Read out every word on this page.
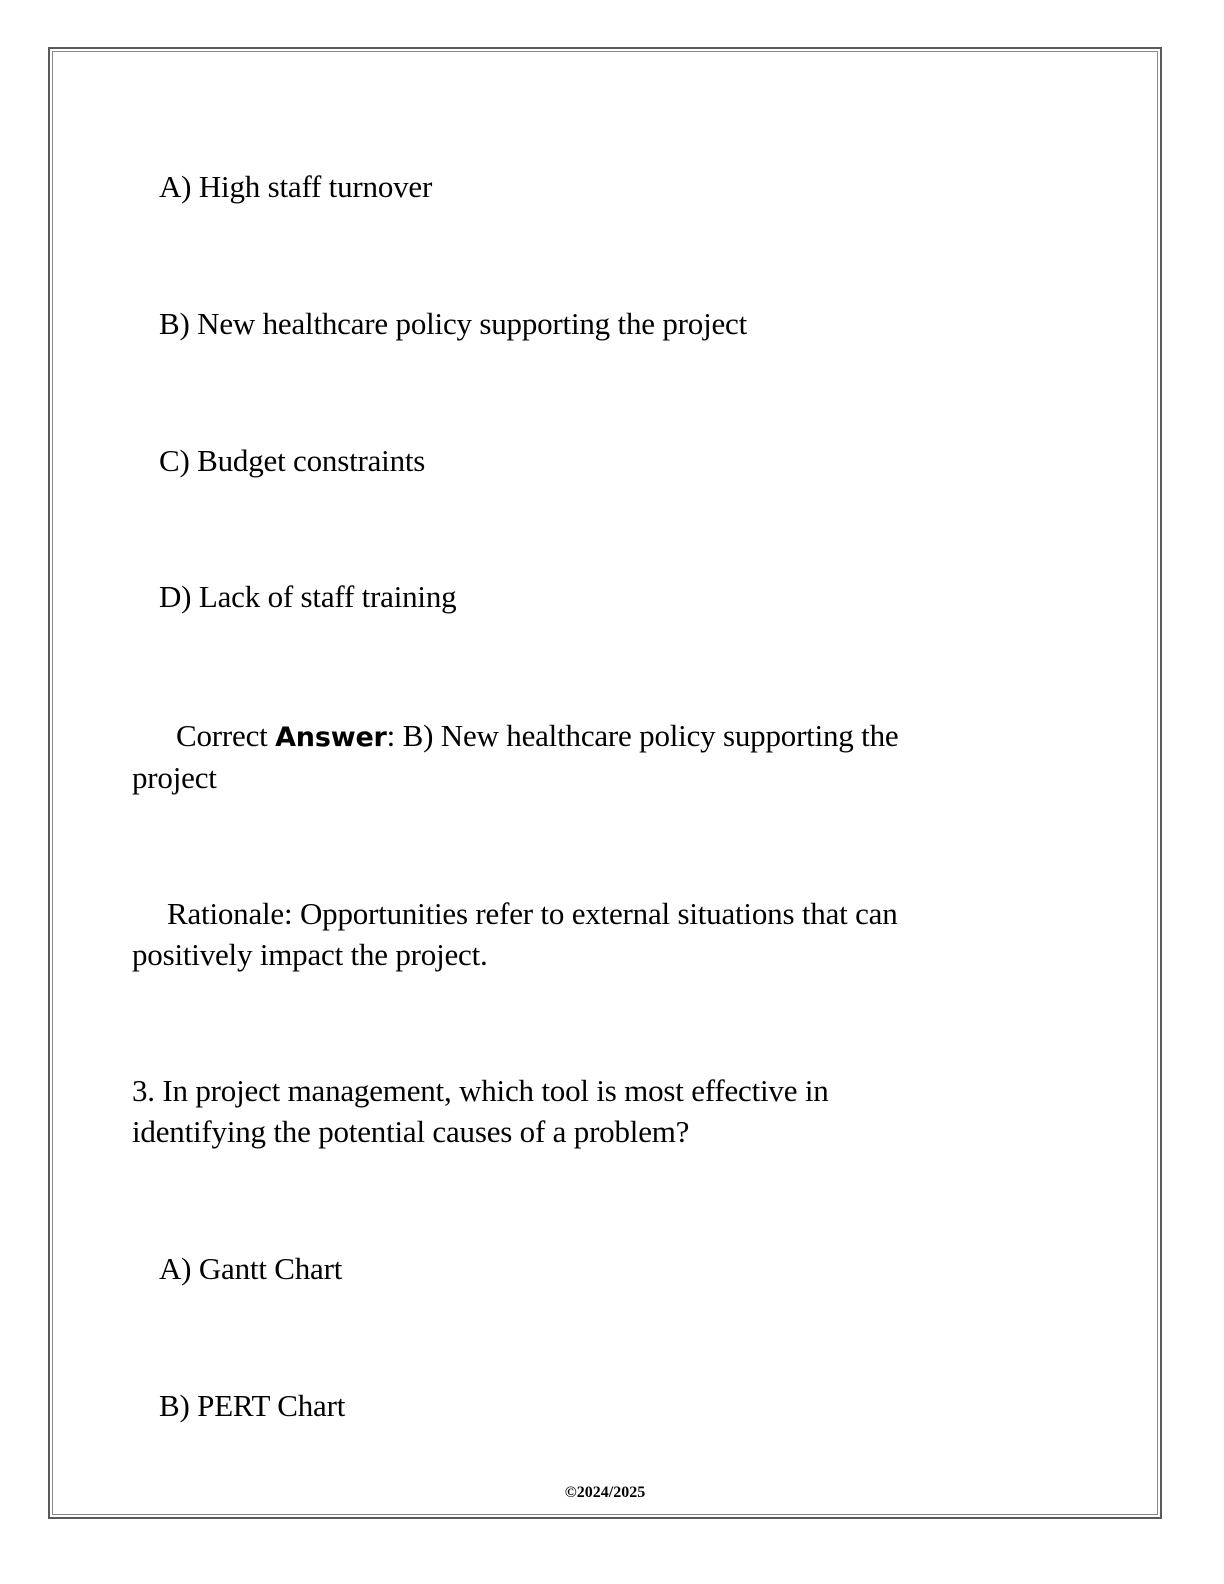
A) High staff turnover
B) New healthcare policy supporting the project
C) Budget constraints
D) Lack of staff training
Correct Answer: B) New healthcare policy supporting the
project
Rationale: Opportunities refer to external situations that can
positively impact the project.
3. In project management, which tool is most effective in
identifying the potential causes of a problem?
A) Gantt Chart
B) PERT Chart
©2024/2025
